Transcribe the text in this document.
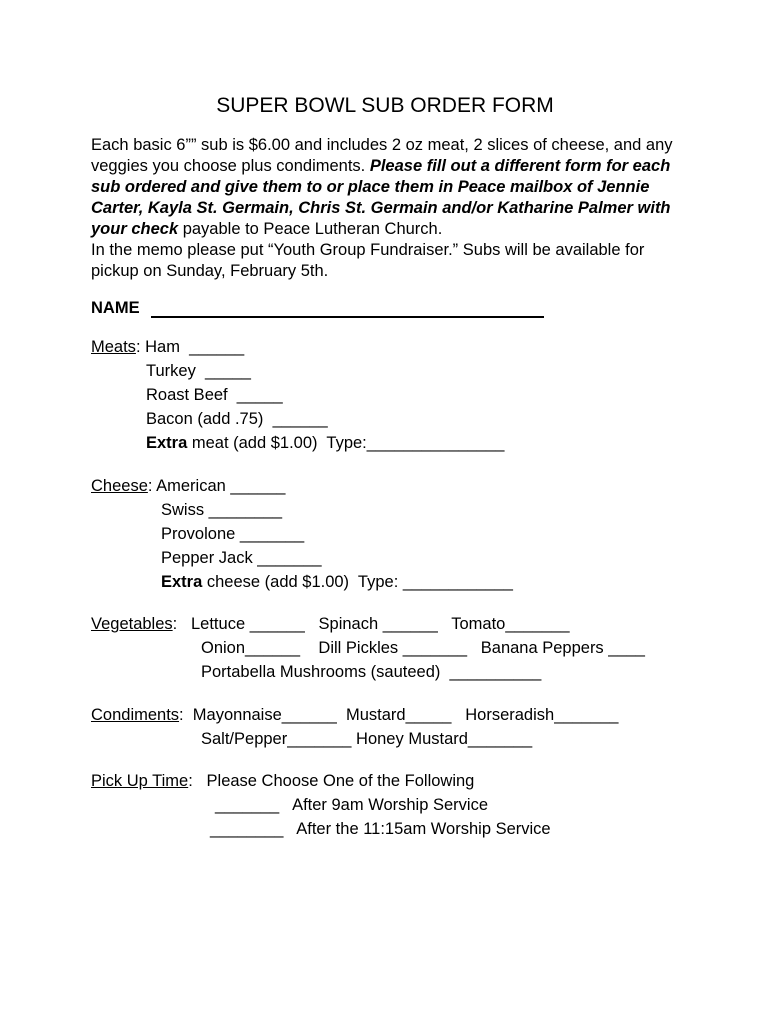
SUPER BOWL SUB ORDER FORM
Each basic 6”” sub is $6.00 and includes 2 oz meat, 2 slices of cheese, and any veggies you choose plus condiments. Please fill out a different form for each sub ordered and give them to or place them in Peace mailbox of Jennie Carter, Kayla St. Germain, Chris St. Germain and/or Katharine Palmer with your check payable to Peace Lutheran Church.
In the memo please put “Youth Group Fundraiser.” Subs will be available for pickup on Sunday, February 5th.
NAME
Meats: Ham  ______
Turkey  _____
Roast Beef  _____
Bacon (add .75)  ______
Extra meat (add $1.00)  Type:_______________
Cheese: American ______
Swiss ________
Provolone _______
Pepper Jack _______
Extra cheese (add $1.00)  Type: ____________
Vegetables:   Lettuce ______   Spinach ______   Tomato_______
Onion______    Dill Pickles _______   Banana Peppers ____
Portabella Mushrooms (sauteed)  __________
Condiments:  Mayonnaise______  Mustard_____   Horseradish_______
Salt/Pepper_______ Honey Mustard_______
Pick Up Time:   Please Choose One of the Following
_______   After 9am Worship Service
________   After the 11:15am Worship Service
